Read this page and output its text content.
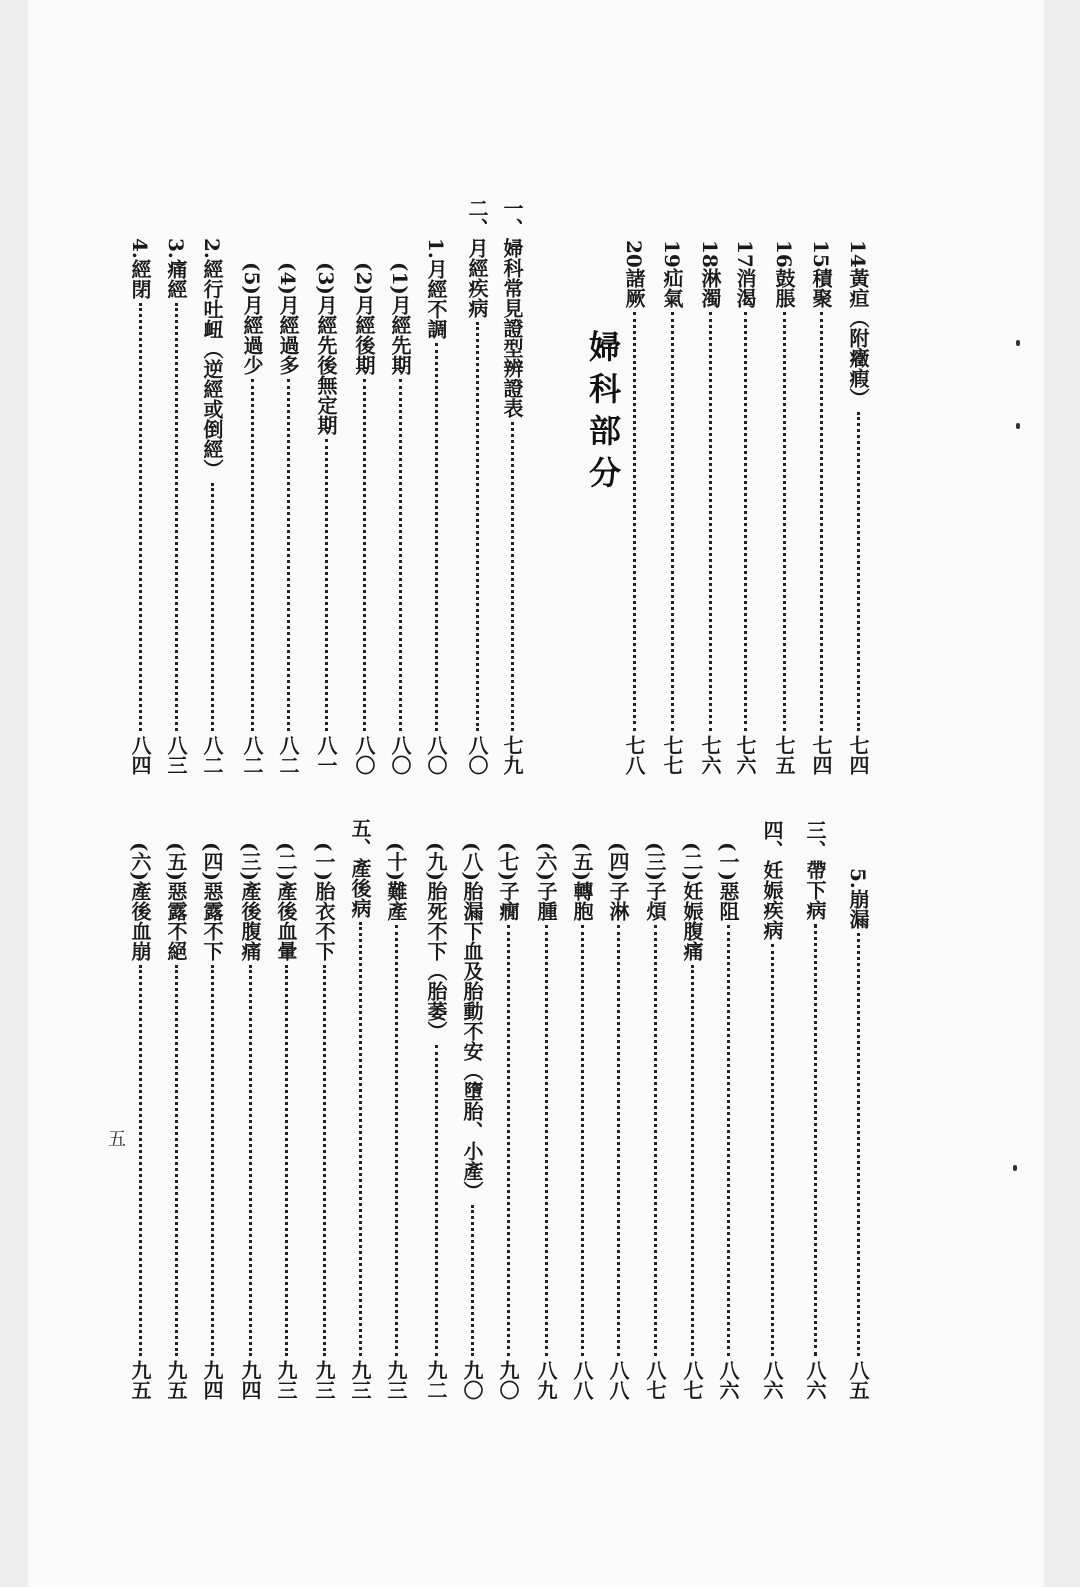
婦科部分
五
14
黃疸（附癥瘕）
七四
15
積聚
七四
16
鼓脹
七五
17
消渴
七六
18
淋濁
七六
19
疝氣
七七
20
諸厥
七八
一、
婦科常見證型辨證表
七九
二、
月經疾病
八〇
1.
月經不調
八〇
(1)
月經先期
八〇
(2)
月經後期
八〇
(3)
月經先後無定期
八一
(4)
月經過多
八二
(5)
月經過少
八二
2.
經行吐衄（逆經或倒經）
八二
3.
痛經
八三
4.
經閉
八四
5.
崩漏
八五
三、
帶下病
八六
四、
妊娠疾病
八六
(一)
惡阻
八六
(二)
妊娠腹痛
八七
(三)
子煩
八七
(四)
子淋
八八
(五)
轉胞
八八
(六)
子腫
八九
(七)
子癇
九〇
(八)
胎漏下血及胎動不安（墮胎、小產）
九〇
(九)
胎死不下（胎萎）
九二
(十)
難產
九三
五、
產後病
九三
(一)
胎衣不下
九三
(二)
產後血暈
九三
(三)
產後腹痛
九四
(四)
惡露不下
九四
(五)
惡露不絕
九五
(六)
產後血崩
九五
